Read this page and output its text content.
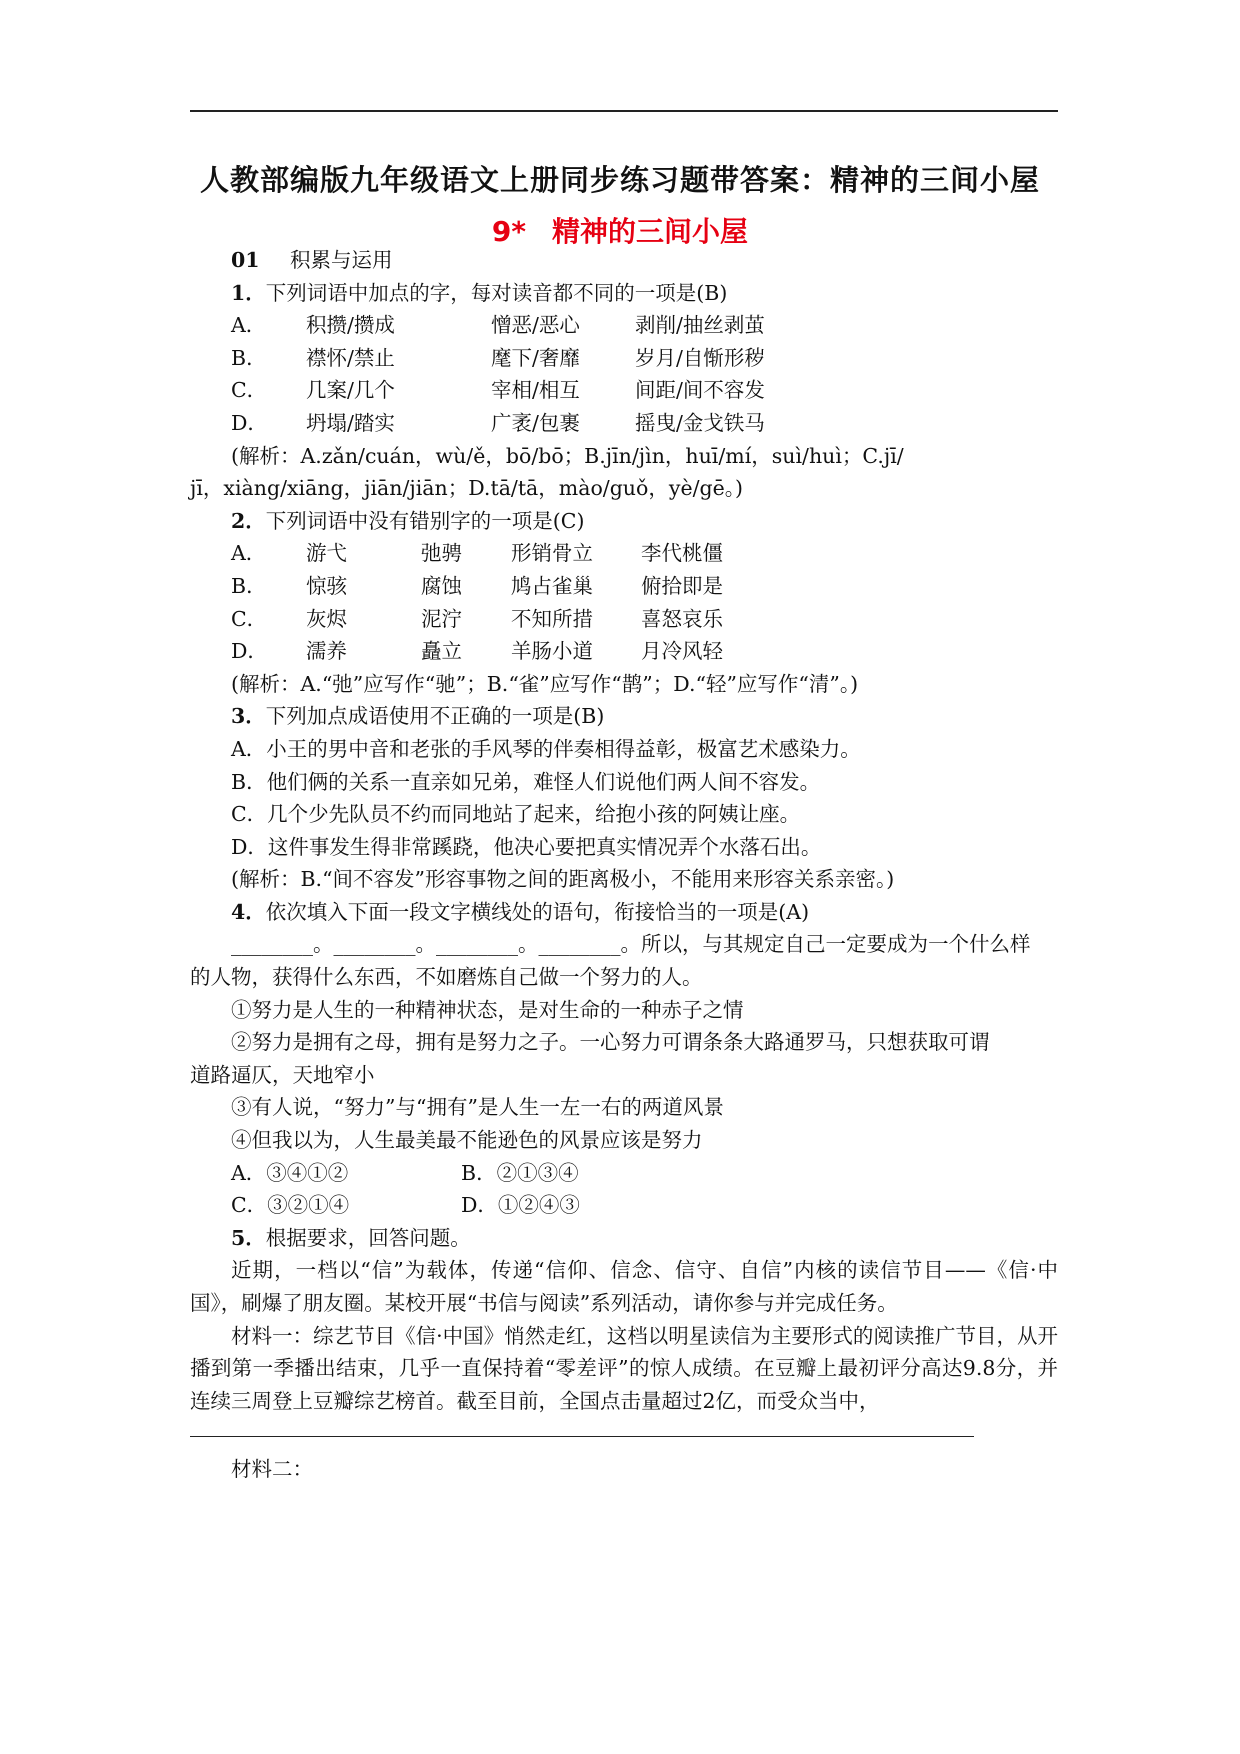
人教部编版九年级语文上册同步练习题带答案：精神的三间小屋
9* 精神的三间小屋
01 积累与运用
1．下列词语中加点的字，每对读音都不同的一项是(B)
A．	积攒/攒成	憎恶/恶心	剥削/抽丝剥茧
B．	襟怀/禁止	麾下/奢靡	岁月/自惭形秽
C．	几案/几个	宰相/相互	间距/间不容发
D．	坍塌/踏实	广袤/包裹	摇曳/金戈铁马
(解析：A.zǎn/cuán，wù/ě，bō/bō；B.jīn/jìn，huī/mí，suì/huì；C.jī/
jī，xiàng/xiāng，jiān/jiān；D.tā/tā，mào/guǒ，yè/gē。)
2．下列词语中没有错别字的一项是(C)
A．	游弋	弛骋	形销骨立	李代桃僵
B．	惊骇	腐蚀	鸠占雀巢	俯拾即是
C．	灰烬	泥泞	不知所措	喜怒哀乐
D．	濡养	矗立	羊肠小道	月冷风轻
(解析：A.“弛”应写作“驰”；B.“雀”应写作“鹊”；D.“轻”应写作“清”。)
3．下列加点成语使用不正确的一项是(B)
A．小王的男中音和老张的手风琴的伴奏相得益彰，极富艺术感染力。
B．他们俩的关系一直亲如兄弟，难怪人们说他们两人间不容发。
C．几个少先队员不约而同地站了起来，给抱小孩的阿姨让座。
D．这件事发生得非常蹊跷，他决心要把真实情况弄个水落石出。
(解析：B.“间不容发”形容事物之间的距离极小，不能用来形容关系亲密。)
4．依次填入下面一段文字横线处的语句，衔接恰当的一项是(A)
________。________。________。________。所以，与其规定自己一定要成为一个什么样
的人物，获得什么东西，不如磨炼自己做一个努力的人。
①努力是人生的一种精神状态，是对生命的一种赤子之情
②努力是拥有之母，拥有是努力之子。一心努力可谓条条大路通罗马，只想获取可谓
道路逼仄，天地窄小
③有人说，“努力”与“拥有”是人生一左一右的两道风景
④但我以为，人生最美最不能逊色的风景应该是努力
A．③④①②	B．②①③④
C．③②①④	D．①②④③
5．根据要求，回答问题。
近期，一档以“信”为载体，传递“信仰、信念、信守、自信”内核的读信节目——《信·中国》，刷爆了朋友圈。某校开展“书信与阅读”系列活动，请你参与并完成任务。
材料一：综艺节目《信·中国》悄然走红，这档以明星读信为主要形式的阅读推广节目，从开播到第一季播出结束，几乎一直保持着“零差评”的惊人成绩。在豆瓣上最初评分高达9.8分，并连续三周登上豆瓣综艺榜首。截至目前，全国点击量超过2亿，而受众当中，
材料二：
